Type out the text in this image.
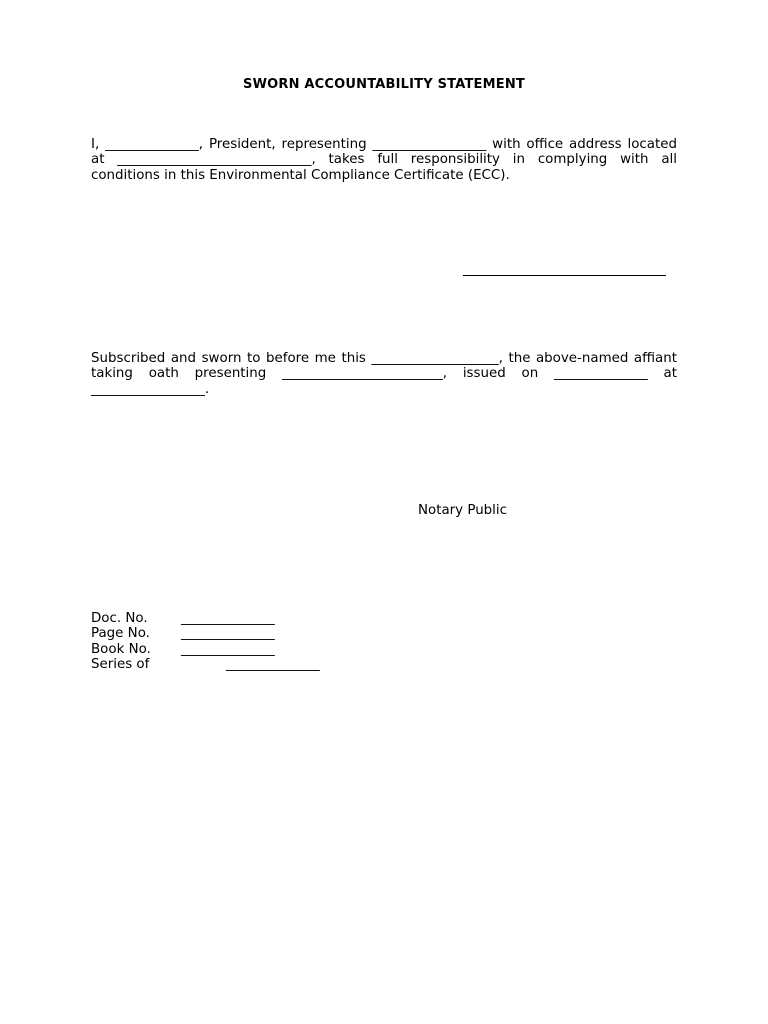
SWORN ACCOUNTABILITY STATEMENT

I, ______________, President, representing _________________ with office address located at _____________________________, takes full responsibility in complying with all conditions in this Environmental Compliance Certificate (ECC).

Subscribed and sworn to before me this ___________________, the above-named affiant taking oath presenting ________________________, issued on ______________ at _________________.

Notary Public
Doc. No. ______________
Page No. ______________
Book No. ______________
Series of	______________
